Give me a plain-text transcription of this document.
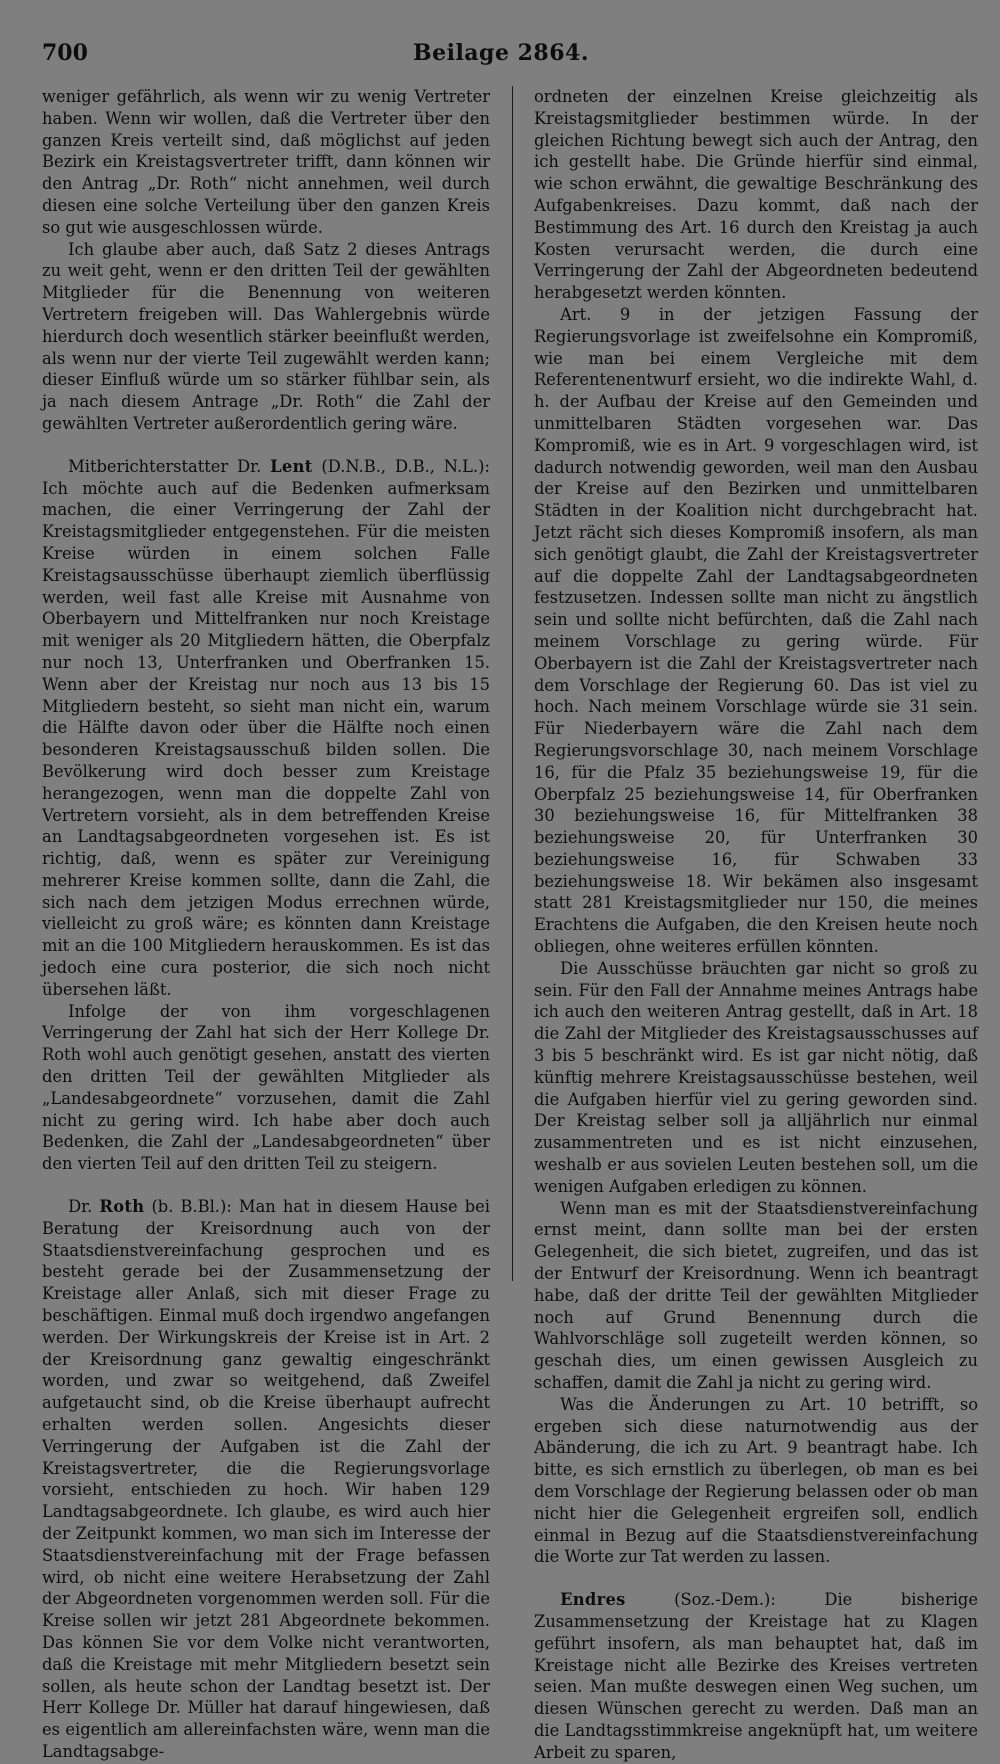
700	Beilage 2864.

weniger gefährlich, als wenn wir zu wenig Vertreter haben. Wenn wir wollen, daß die Vertreter über den ganzen Kreis verteilt sind, daß möglichst auf jeden Bezirk ein Kreistagsvertreter trifft, dann können wir den Antrag „Dr. Roth“ nicht annehmen, weil durch diesen eine solche Verteilung über den ganzen Kreis so gut wie ausgeschlossen würde.

Ich glaube aber auch, daß Satz 2 dieses Antrags zu weit geht, wenn er den dritten Teil der gewählten Mitglieder für die Benennung von weiteren Vertretern freigeben will. Das Wahlergebnis würde hierdurch doch wesentlich stärker beeinflußt werden, als wenn nur der vierte Teil zugewählt werden kann; dieser Einfluß würde um so stärker fühlbar sein, als ja nach diesem Antrage „Dr. Roth“ die Zahl der gewählten Vertreter außerordentlich gering wäre.

Mitberichterstatter Dr. Lent (D.N.B., D.B., N.L.): Ich möchte auch auf die Bedenken aufmerksam machen, die einer Verringerung der Zahl der Kreistagsmitglieder entgegenstehen. Für die meisten Kreise würden in einem solchen Falle Kreistagsausschüsse überhaupt ziemlich überflüssig werden, weil fast alle Kreise mit Ausnahme von Oberbayern und Mittelfranken nur noch Kreistage mit weniger als 20 Mitgliedern hätten, die Oberpfalz nur noch 13, Unterfranken und Oberfranken 15. Wenn aber der Kreistag nur noch aus 13 bis 15 Mitgliedern besteht, so sieht man nicht ein, warum die Hälfte davon oder über die Hälfte noch einen besonderen Kreistagsausschuß bilden sollen. Die Bevölkerung wird doch besser zum Kreistage herangezogen, wenn man die doppelte Zahl von Vertretern vorsieht, als in dem betreffenden Kreise an Landtagsabgeordneten vorgesehen ist. Es ist richtig, daß, wenn es später zur Vereinigung mehrerer Kreise kommen sollte, dann die Zahl, die sich nach dem jetzigen Modus errechnen würde, vielleicht zu groß wäre; es könnten dann Kreistage mit an die 100 Mitgliedern herauskommen. Es ist das jedoch eine cura posterior, die sich noch nicht übersehen läßt.

Infolge der von ihm vorgeschlagenen Verringerung der Zahl hat sich der Herr Kollege Dr. Roth wohl auch genötigt gesehen, anstatt des vierten den dritten Teil der gewählten Mitglieder als „Landesabgeordnete“ vorzusehen, damit die Zahl nicht zu gering wird. Ich habe aber doch auch Bedenken, die Zahl der „Landesabgeordneten“ über den vierten Teil auf den dritten Teil zu steigern.

Dr. Roth (b. B.Bl.): Man hat in diesem Hause bei Beratung der Kreisordnung auch von der Staatsdienstvereinfachung gesprochen und es besteht gerade bei der Zusammensetzung der Kreistage aller Anlaß, sich mit dieser Frage zu beschäftigen. Einmal muß doch irgendwo angefangen werden. Der Wirkungskreis der Kreise ist in Art. 2 der Kreisordnung ganz gewaltig eingeschränkt worden, und zwar so weitgehend, daß Zweifel aufgetaucht sind, ob die Kreise überhaupt aufrecht erhalten werden sollen. Angesichts dieser Verringerung der Aufgaben ist die Zahl der Kreistagsvertreter, die die Regierungsvorlage vorsieht, entschieden zu hoch. Wir haben 129 Landtagsabgeordnete. Ich glaube, es wird auch hier der Zeitpunkt kommen, wo man sich im Interesse der Staatsdienstvereinfachung mit der Frage befassen wird, ob nicht eine weitere Herabsetzung der Zahl der Abgeordneten vorgenommen werden soll. Für die Kreise sollen wir jetzt 281 Abgeordnete bekommen. Das können Sie vor dem Volke nicht verantworten, daß die Kreistage mit mehr Mitgliedern besetzt sein sollen, als heute schon der Landtag besetzt ist. Der Herr Kollege Dr. Müller hat darauf hingewiesen, daß es eigentlich am allereinfachsten wäre, wenn man die Landtagsabge-

ordneten der einzelnen Kreise gleichzeitig als Kreistagsmitglieder bestimmen würde. In der gleichen Richtung bewegt sich auch der Antrag, den ich gestellt habe. Die Gründe hierfür sind einmal, wie schon erwähnt, die gewaltige Beschränkung des Aufgabenkreises. Dazu kommt, daß nach der Bestimmung des Art. 16 durch den Kreistag ja auch Kosten verursacht werden, die durch eine Verringerung der Zahl der Abgeordneten bedeutend herabgesetzt werden könnten.

Art. 9 in der jetzigen Fassung der Regierungsvorlage ist zweifelsohne ein Kompromiß, wie man bei einem Vergleiche mit dem Referentenentwurf ersieht, wo die indirekte Wahl, d. h. der Aufbau der Kreise auf den Gemeinden und unmittelbaren Städten vorgesehen war. Das Kompromiß, wie es in Art. 9 vorgeschlagen wird, ist dadurch notwendig geworden, weil man den Ausbau der Kreise auf den Bezirken und unmittelbaren Städten in der Koalition nicht durchgebracht hat. Jetzt rächt sich dieses Kompromiß insofern, als man sich genötigt glaubt, die Zahl der Kreistagsvertreter auf die doppelte Zahl der Landtagsabgeordneten festzusetzen. Indessen sollte man nicht zu ängstlich sein und sollte nicht befürchten, daß die Zahl nach meinem Vorschlage zu gering würde. Für Oberbayern ist die Zahl der Kreistagsvertreter nach dem Vorschlage der Regierung 60. Das ist viel zu hoch. Nach meinem Vorschlage würde sie 31 sein. Für Niederbayern wäre die Zahl nach dem Regierungsvorschlage 30, nach meinem Vorschlage 16, für die Pfalz 35 beziehungsweise 19, für die Oberpfalz 25 beziehungsweise 14, für Oberfranken 30 beziehungsweise 16, für Mittelfranken 38 beziehungsweise 20, für Unterfranken 30 beziehungsweise 16, für Schwaben 33 beziehungsweise 18. Wir bekämen also insgesamt statt 281 Kreistagsmitglieder nur 150, die meines Erachtens die Aufgaben, die den Kreisen heute noch obliegen, ohne weiteres erfüllen könnten.

Die Ausschüsse bräuchten gar nicht so groß zu sein. Für den Fall der Annahme meines Antrags habe ich auch den weiteren Antrag gestellt, daß in Art. 18 die Zahl der Mitglieder des Kreistagsausschusses auf 3 bis 5 beschränkt wird. Es ist gar nicht nötig, daß künftig mehrere Kreistagsausschüsse bestehen, weil die Aufgaben hierfür viel zu gering geworden sind. Der Kreistag selber soll ja alljährlich nur einmal zusammentreten und es ist nicht einzusehen, weshalb er aus sovielen Leuten bestehen soll, um die wenigen Aufgaben erledigen zu können.

Wenn man es mit der Staatsdienstvereinfachung ernst meint, dann sollte man bei der ersten Gelegenheit, die sich bietet, zugreifen, und das ist der Entwurf der Kreisordnung. Wenn ich beantragt habe, daß der dritte Teil der gewählten Mitglieder noch auf Grund Benennung durch die Wahlvorschläge soll zugeteilt werden können, so geschah dies, um einen gewissen Ausgleich zu schaffen, damit die Zahl ja nicht zu gering wird.

Was die Änderungen zu Art. 10 betrifft, so ergeben sich diese naturnotwendig aus der Abänderung, die ich zu Art. 9 beantragt habe. Ich bitte, es sich ernstlich zu überlegen, ob man es bei dem Vorschlage der Regierung belassen oder ob man nicht hier die Gelegenheit ergreifen soll, endlich einmal in Bezug auf die Staatsdienstvereinfachung die Worte zur Tat werden zu lassen.

Endres (Soz.-Dem.): Die bisherige Zusammensetzung der Kreistage hat zu Klagen geführt insofern, als man behauptet hat, daß im Kreistage nicht alle Bezirke des Kreises vertreten seien. Man mußte deswegen einen Weg suchen, um diesen Wünschen gerecht zu werden. Daß man an die Landtagsstimmkreise angeknüpft hat, um weitere Arbeit zu sparen,
